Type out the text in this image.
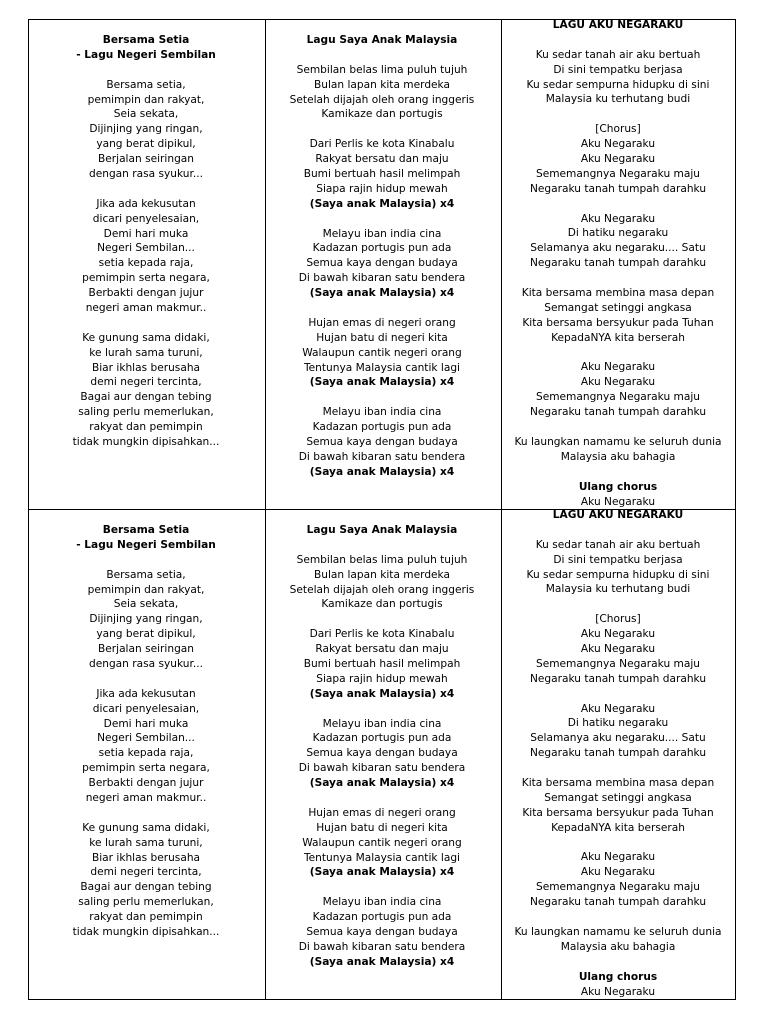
Bersama Setia
- Lagu Negeri Sembilan
Bersama setia,
pemimpin dan rakyat,
Seia sekata,
Dijinjing yang ringan,
yang berat dipikul,
Berjalan seiringan
dengan rasa syukur...
Jika ada kekusutan
dicari penyelesaian,
Demi hari muka
Negeri Sembilan...
setia kepada raja,
pemimpin serta negara,
Berbakti dengan jujur
negeri aman makmur..
Ke gunung sama didaki,
ke lurah sama turuni,
Biar ikhlas berusaha
demi negeri tercinta,
Bagai aur dengan tebing
saling perlu memerlukan,
rakyat dan pemimpin
tidak mungkin dipisahkan...
Lagu Saya Anak Malaysia
Sembilan belas lima puluh tujuh
Bulan lapan kita merdeka
Setelah dijajah oleh orang inggeris
Kamikaze dan portugis
Dari Perlis ke kota Kinabalu
Rakyat bersatu dan maju
Bumi bertuah hasil melimpah
Siapa rajin hidup mewah
(Saya anak Malaysia) x4
Melayu iban india cina
Kadazan portugis pun ada
Semua kaya dengan budaya
Di bawah kibaran satu bendera
(Saya anak Malaysia) x4
Hujan emas di negeri orang
Hujan batu di negeri kita
Walaupun cantik negeri orang
Tentunya Malaysia cantik lagi
(Saya anak Malaysia) x4
Melayu iban india cina
Kadazan portugis pun ada
Semua kaya dengan budaya
Di bawah kibaran satu bendera
(Saya anak Malaysia) x4
LAGU AKU NEGARAKU
Ku sedar tanah air aku bertuah
Di sini tempatku berjasa
Ku sedar sempurna hidupku di sini
Malaysia ku terhutang budi
[Chorus]
Aku Negaraku
Aku Negaraku
Sememangnya Negaraku maju
Negaraku tanah tumpah darahku
Aku Negaraku
Di hatiku negaraku
Selamanya aku negaraku.... Satu
Negaraku tanah tumpah darahku
Kita bersama membina masa depan
Semangat setinggi angkasa
Kita bersama bersyukur pada Tuhan
KepadaNYA kita berserah
Aku Negaraku
Aku Negaraku
Sememangnya Negaraku maju
Negaraku tanah tumpah darahku
Ku laungkan namamu ke seluruh dunia
Malaysia aku bahagia
Ulang chorus
Aku Negaraku
Bersama Setia
- Lagu Negeri Sembilan
Bersama setia,
pemimpin dan rakyat,
Seia sekata,
Dijinjing yang ringan,
yang berat dipikul,
Berjalan seiringan
dengan rasa syukur...
Jika ada kekusutan
dicari penyelesaian,
Demi hari muka
Negeri Sembilan...
setia kepada raja,
pemimpin serta negara,
Berbakti dengan jujur
negeri aman makmur..
Ke gunung sama didaki,
ke lurah sama turuni,
Biar ikhlas berusaha
demi negeri tercinta,
Bagai aur dengan tebing
saling perlu memerlukan,
rakyat dan pemimpin
tidak mungkin dipisahkan...
Lagu Saya Anak Malaysia
Sembilan belas lima puluh tujuh
Bulan lapan kita merdeka
Setelah dijajah oleh orang inggeris
Kamikaze dan portugis
Dari Perlis ke kota Kinabalu
Rakyat bersatu dan maju
Bumi bertuah hasil melimpah
Siapa rajin hidup mewah
(Saya anak Malaysia) x4
Melayu iban india cina
Kadazan portugis pun ada
Semua kaya dengan budaya
Di bawah kibaran satu bendera
(Saya anak Malaysia) x4
Hujan emas di negeri orang
Hujan batu di negeri kita
Walaupun cantik negeri orang
Tentunya Malaysia cantik lagi
(Saya anak Malaysia) x4
Melayu iban india cina
Kadazan portugis pun ada
Semua kaya dengan budaya
Di bawah kibaran satu bendera
(Saya anak Malaysia) x4
LAGU AKU NEGARAKU
Ku sedar tanah air aku bertuah
Di sini tempatku berjasa
Ku sedar sempurna hidupku di sini
Malaysia ku terhutang budi
[Chorus]
Aku Negaraku
Aku Negaraku
Sememangnya Negaraku maju
Negaraku tanah tumpah darahku
Aku Negaraku
Di hatiku negaraku
Selamanya aku negaraku.... Satu
Negaraku tanah tumpah darahku
Kita bersama membina masa depan
Semangat setinggi angkasa
Kita bersama bersyukur pada Tuhan
KepadaNYA kita berserah
Aku Negaraku
Aku Negaraku
Sememangnya Negaraku maju
Negaraku tanah tumpah darahku
Ku laungkan namamu ke seluruh dunia
Malaysia aku bahagia
Ulang chorus
Aku Negaraku
